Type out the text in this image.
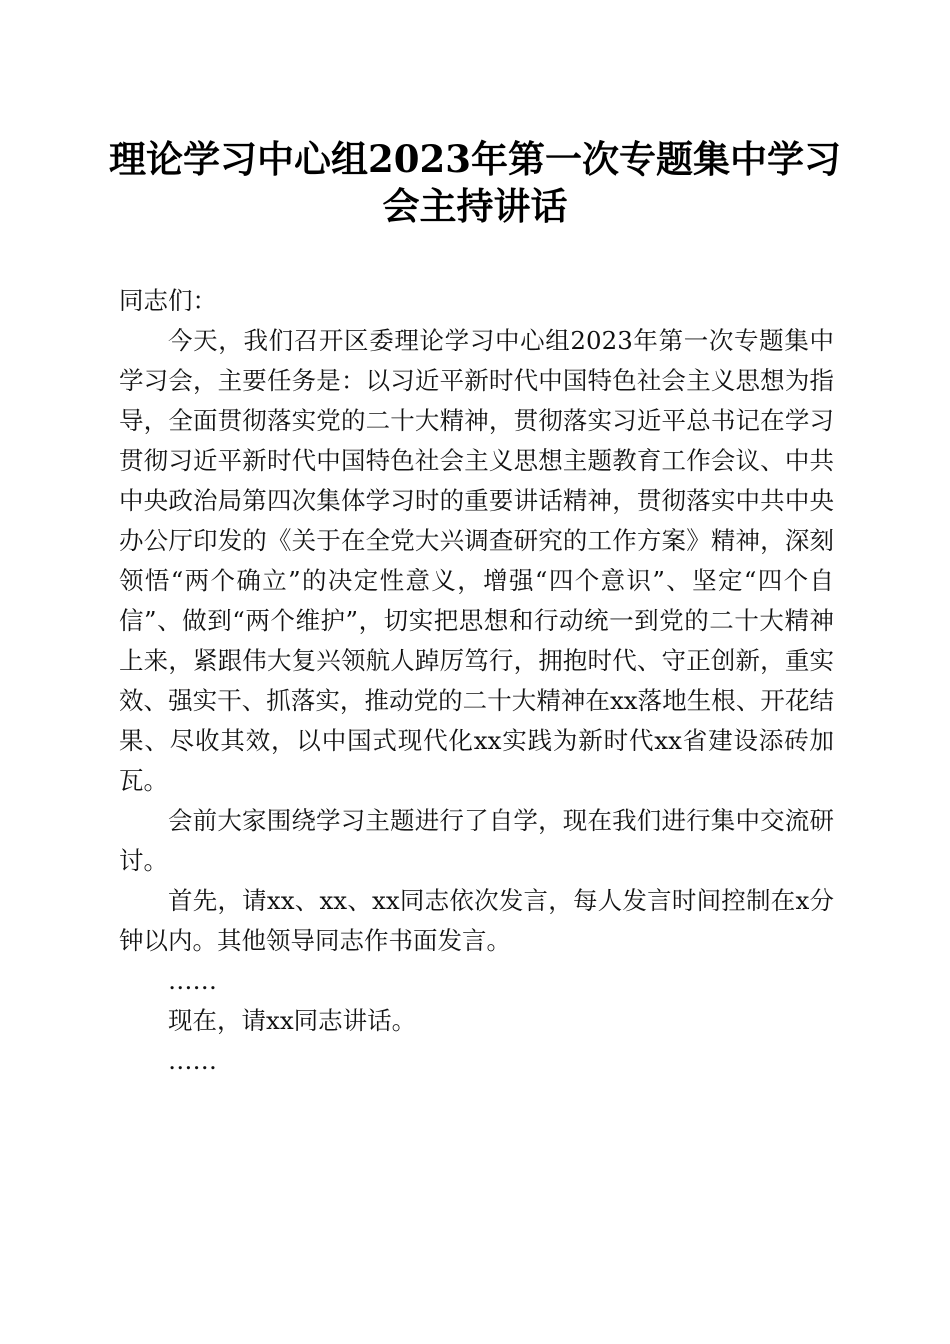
理论学习中心组2023年第一次专题集中学习
会主持讲话

同志们：

今天，我们召开区委理论学习中心组2023年第一次专题集中学习会，主要任务是：以习近平新时代中国特色社会主义思想为指导，全面贯彻落实党的二十大精神，贯彻落实习近平总书记在学习贯彻习近平新时代中国特色社会主义思想主题教育工作会议、中共中央政治局第四次集体学习时的重要讲话精神，贯彻落实中共中央办公厅印发的《关于在全党大兴调查研究的工作方案》精神，深刻领悟“两个确立”的决定性意义，增强“四个意识”、坚定“四个自信”、做到“两个维护”，切实把思想和行动统一到党的二十大精神上来，紧跟伟大复兴领航人踔厉笃行，拥抱时代、守正创新，重实效、强实干、抓落实，推动党的二十大精神在xx落地生根、开花结果、尽收其效，以中国式现代化xx实践为新时代xx省建设添砖加瓦。

会前大家围绕学习主题进行了自学，现在我们进行集中交流研讨。

首先，请xx、xx、xx同志依次发言，每人发言时间控制在x分钟以内。其他领导同志作书面发言。

……

现在，请xx同志讲话。

……
